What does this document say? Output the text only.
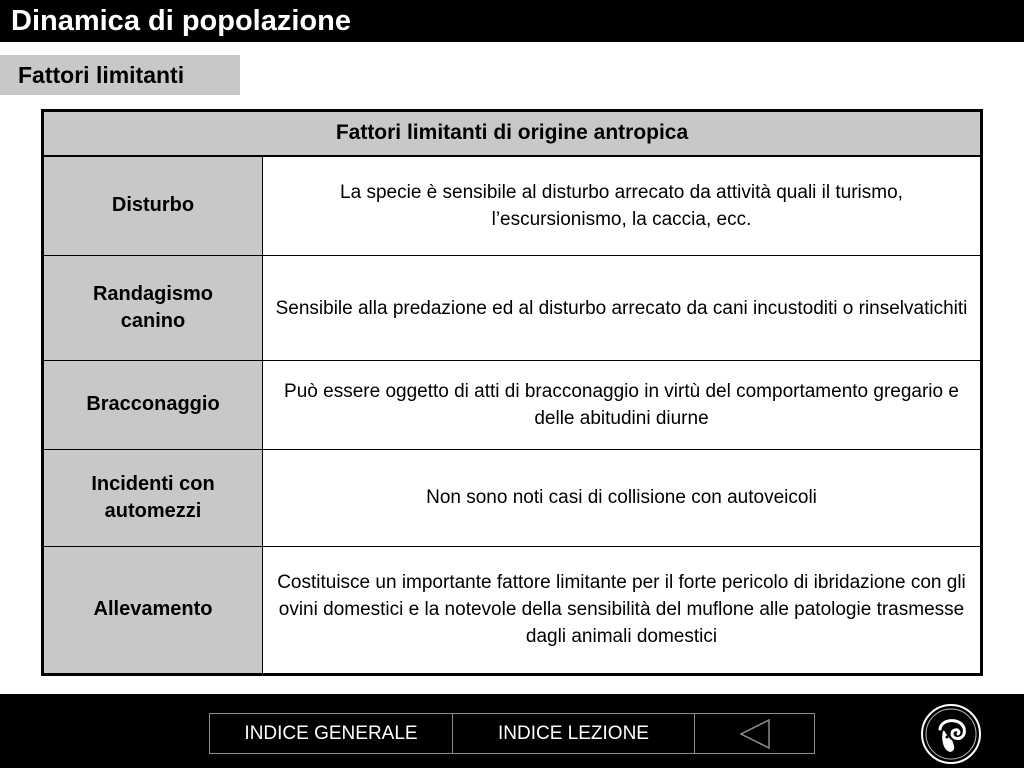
Dinamica di popolazione
Fattori limitanti
Fattori limitanti di origine antropica	
Disturbo	La specie è sensibile al disturbo arrecato da attività quali il turismo, l’escursionismo, la caccia, ecc.
Randagismo canino	Sensibile alla predazione ed al disturbo arrecato da cani incustoditi o rinselvatichiti
Bracconaggio	Può essere oggetto di atti di bracconaggio in virtù del comportamento gregario e delle abitudini diurne
Incidenti con automezzi	Non sono noti casi di collisione con autoveicoli
Allevamento	Costituisce un importante fattore limitante per il forte pericolo di ibridazione con gli ovini domestici e la notevole della sensibilità del muflone alle patologie trasmesse dagli animali domestici
INDICE GENERALE	INDICE LEZIONE
